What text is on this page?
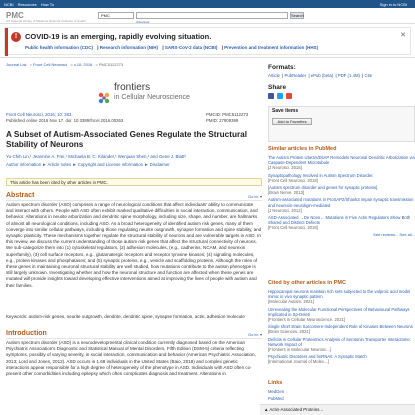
NCBI Resources How To	Sign in to NCBI
PMC
US National Library of Medicine National Institutes of Health
PMC	Search
Advanced
!	COVID-19 is an emerging, rapidly evolving situation.
Public health information (CDC) | Research information (NIH) | SARS-CoV-2 data (NCBI) | Prevention and treatment information (HHS)
✕
Journal List > Front Cell Neurosci > v.10; 2016 > PMC5112273
frontiers
in Cellular Neuroscience
Front Cell Neurosci. 2016; 10: 263.
Published online 2016 Nov 17. doi: 10.3389/fncel.2016.00263
PMCID: PMC5112273
PMID: 27909399
A Subset of Autism-Associated Genes Regulate the Structural Stability of Neurons
Yu-Chih Lin,¹ Jeannine A. Frei,¹ Michaela B. C. Kilander,¹ Wenjuan Shen,¹ and Gene J. Blatt²
Author information ► Article notes ► Copyright and License information ► Disclaimer
This article has been cited by other articles in PMC.
Abstract	Go to: ▾
Autism spectrum disorder (ASD) comprises a range of neurological conditions that affect individuals' ability to communicate and interact with others. People with ASD often exhibit marked qualitative difficulties in social interaction, communication, and behavior. Alterations in neurite arborization and dendritic spine morphology, including size, shape, and number, are hallmarks of almost all neurological conditions, including ASD. As a broad heterogeneity of identified autism risk genes, many of them converge into similar cellular pathways, including those regulating neurite outgrowth, synapse formation and spine stability, and synaptic plasticity. These mechanisms together regulate the structural stability of neurons and are vulnerable targets in ASD. In this review, we discuss the current understanding of those autism risk genes that affect the structural connectivity of neurons. We sub-categorize them into (1) cytoskeletal regulators, (2) adhesion molecules, (e.g., cadherins, NCAM, and neurexin superfamily), (3) cell surface receptors, e.g., glutamatergic receptors and receptor tyrosine kinases; (4) signaling molecules, e.g., protein kinases and phosphatases; and (5) synaptic proteins, e.g., vesicle and scaffolding proteins. Although the roles of these genes in maintaining neuronal structural stability are well studied, how mutations contribute to the autism phenotype is still largely unknown. Investigating whether and how the neuronal structure and function are affected when these genes are mutated will provide insights toward developing effective interventions aimed at improving the lives of people with autism and their families.
Keywords: autism-risk genes, neurite outgrowth, dendrite, dendritic spine, synapse formation, actin, adhesion molecule
Introduction	Go to: ▾
Autism spectrum disorder (ASD) is a neurodevelopmental clinical condition currently diagnosed based on the American Psychiatric Association's Diagnostic and Statistical Manual of Mental Disorders, Fifth Edition (DSM-5) criteria reflecting symptoms, possibly of varying severity, in social interaction, communication and behavior (American Psychiatric Association, 2013; Lord and Jones, 2012). ASD occurs in 1.68 individuals in the United States (Baio, 2018) and complex genetic interactions appear responsible for a high degree of heterogeneity of the phenotype in ASD. Individuals with ASD often co-present other comorbidities including epilepsy which often complicates diagnosis and treatment. Alterations in
Formats:
Article | PubReader | ePub (beta) | PDF (1.4M) | Cite
Share
Save items
Add to Favorites
Similar articles in PubMed
The Autism Protein Ube3A/E6AP Remodels Neuronal Dendritic Arborization via Caspase-Dependent Microtubule
[J Neurosci. 2015]
Synaptopathology Involved in Autism Spectrum Disorder.
[Front Cell Neurosci. 2018]
[Autism spectrum disorder and genes for synaptic proteins].
[Brain Nerve. 2013]
Autism-associated mutations in ProSAP2/Shank3 impair synaptic transmission and neurexin-neuroligin-mediated
[J Neurosci. 2012]
ASD-Associated →De Novo← Mutations in Five Actin Regulators Show Both Shared and Distinct Defects
[Front Cell Neurosci. 2018]
See reviews... See all...
Cited by other articles in PMC
Hippocampal neurons maintain rich sets subjected to the valproic acid model mimic in vivo synaptic pattern
[Molecular Autism. 2021]
Unrevealing the Molecular Functional Perspectives of Behavioural Pathways Implicated in Sp-Deleti
[Frontiers in Cellular Neuroscience. 2021]
Single short strain Sarcomere-Independent Role of Kinases Between Neurons
[Brain Sciences. 2021]
Deficits in Cellular Proteomics Analysis of Serotonin Transporter Interactome: Network Impact of
[Frontiers in Molecular Neurosc...]
Psychiatric Disorders and hnRNAs: A Synaptic Match
[International Journal of Molec...]
Links
MedGen
PubMed
▲ Actin-Associated Proteins...
